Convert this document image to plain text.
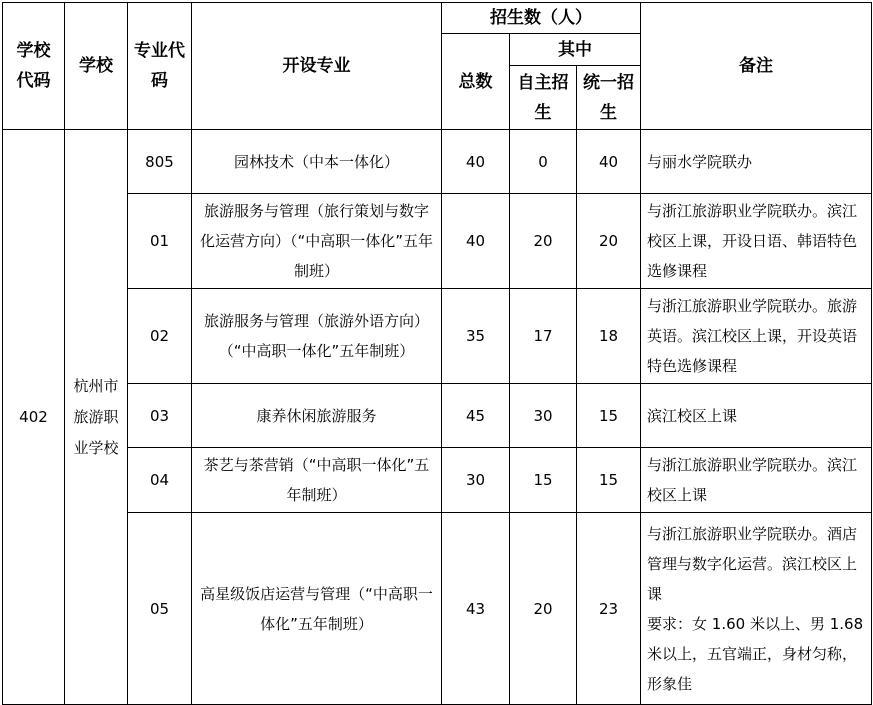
学校代码	学校	专业代码	开设专业	招生数（人）			备注
				总数	其中		
					自主招生	统一招生	
402	杭州市旅游职业学校	805	园林技术（中本一体化）	40	0	40	与丽水学院联办

		01	旅游服务与管理（旅行策划与数字化运营方向）（“中高职一体化”五年制班）	40	20	20	与浙江旅游职业学院联办。滨江校区上课，开设日语、韩语特色选修课程

		02	旅游服务与管理（旅游外语方向）（“中高职一体化”五年制班）	35	17	18	与浙江旅游职业学院联办。旅游英语。滨江校区上课，开设英语特色选修课程

		03	康养休闲旅游服务	45	30	15	滨江校区上课

		04	茶艺与茶营销（“中高职一体化”五年制班）	30	15	15	与浙江旅游职业学院联办。滨江校区上课

		05	高星级饭店运营与管理（“中高职一体化”五年制班）	43	20	23	与浙江旅游职业学院联办。酒店管理与数字化运营。滨江校区上课
要求：女 1.60 米以上、男 1.68 米以上，五官端正，身材匀称，形象佳
